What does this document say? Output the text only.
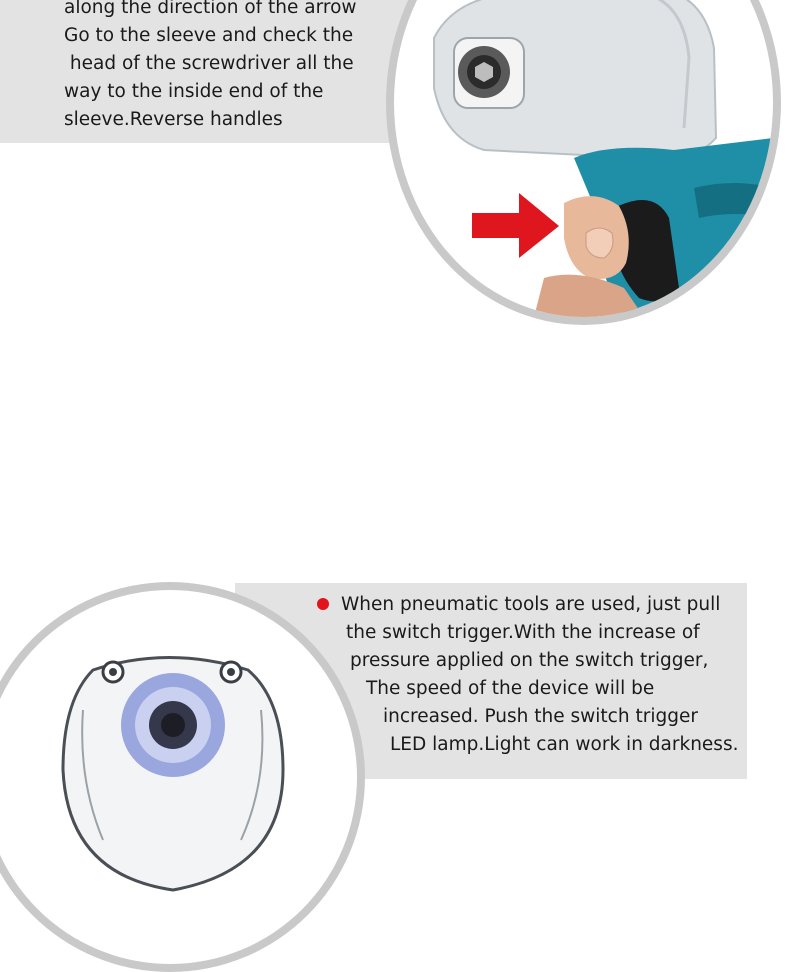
along the direction of the arrow
Go to the sleeve and check the
head of the screwdriver all the
way to the inside end of the
sleeve.Reverse handles
When pneumatic tools are used, just pull
the switch trigger.With the increase of
pressure applied on the switch trigger,
The speed of the device will be
increased. Push the switch trigger
LED lamp.Light can work in darkness.
